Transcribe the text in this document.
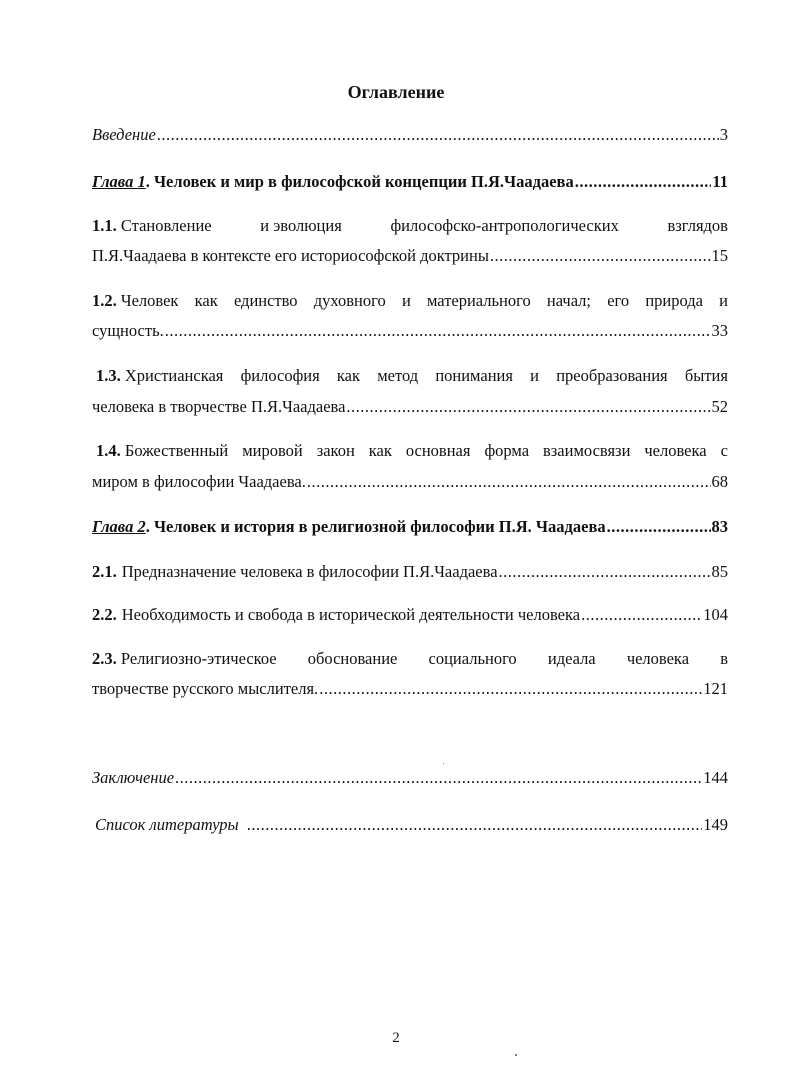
Оглавление
Введение .....	3
Глава 1 . Человек и мир в философской концепции П.Я.Чаадаева .....	11
1.1. Становление	и эволюция	философско-антропологических	взглядов
П.Я.Чаадаева в контексте его историософской доктрины .....	15
1.2. Человек как единство духовного и материального начал; его природа и
сущность. .....	33
1.3. Христианская философия как метод понимания и преобразования бытия
человека в творчестве П.Я.Чаадаева .....	52
1.4. Божественный мировой закон как основная форма взаимосвязи человека с
миром в философии Чаадаева. .....	68
Глава 2 . Человек и история в религиозной философии П.Я. Чаадаева .....	83
2.1. Предназначение человека в философии П.Я.Чаадаева .....	85
2.2. Необходимость и свобода в исторической деятельности человека .....	104
2.3. Религиозно-этическое обоснование социального идеала человека в
творчестве русского мыслителя. .....	121
Заключение .....	144
Список литературы .....	149
2
